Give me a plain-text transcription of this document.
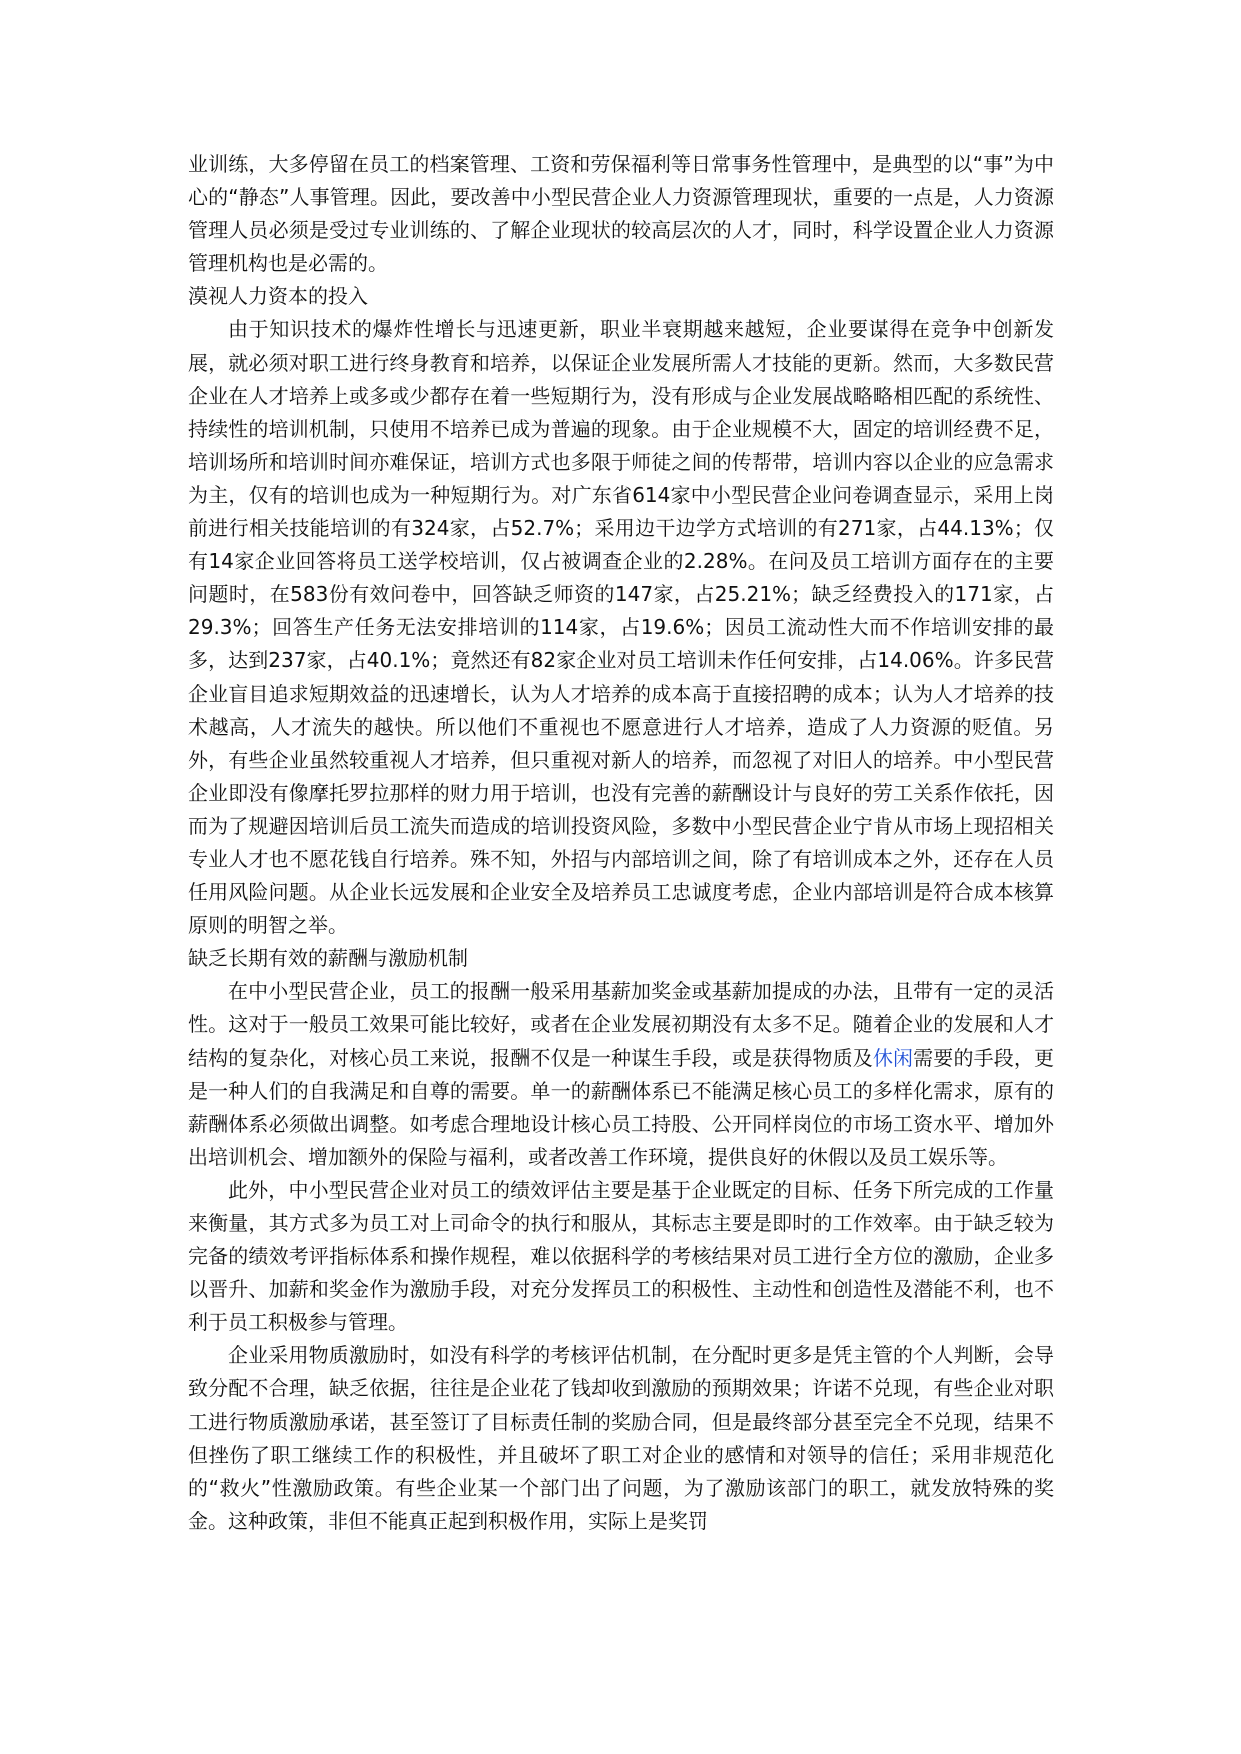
业训练，大多停留在员工的档案管理、工资和劳保福利等日常事务性管理中，是典型的以“事”为中心的“静态”人事管理。因此，要改善中小型民营企业人力资源管理现状，重要的一点是，人力资源管理人员必须是受过专业训练的、了解企业现状的较高层次的人才，同时，科学设置企业人力资源管理机构也是必需的。

漠视人力资本的投入

由于知识技术的爆炸性增长与迅速更新，职业半衰期越来越短，企业要谋得在竞争中创新发展，就必须对职工进行终身教育和培养，以保证企业发展所需人才技能的更新。然而，大多数民营企业在人才培养上或多或少都存在着一些短期行为，没有形成与企业发展战略略相匹配的系统性、持续性的培训机制，只使用不培养已成为普遍的现象。由于企业规模不大，固定的培训经费不足，培训场所和培训时间亦难保证，培训方式也多限于师徒之间的传帮带，培训内容以企业的应急需求为主，仅有的培训也成为一种短期行为。对广东省614家中小型民营企业问卷调查显示，采用上岗前进行相关技能培训的有324家，占52.7%；采用边干边学方式培训的有271家，占44.13%；仅有14家企业回答将员工送学校培训，仅占被调查企业的2.28%。在问及员工培训方面存在的主要问题时，在583份有效问卷中，回答缺乏师资的147家，占25.21%；缺乏经费投入的171家，占29.3%；回答生产任务无法安排培训的114家，占19.6%；因员工流动性大而不作培训安排的最多，达到237家，占40.1%；竟然还有82家企业对员工培训未作任何安排，占14.06%。许多民营企业盲目追求短期效益的迅速增长，认为人才培养的成本高于直接招聘的成本；认为人才培养的技术越高，人才流失的越快。所以他们不重视也不愿意进行人才培养，造成了人力资源的贬值。另外，有些企业虽然较重视人才培养，但只重视对新人的培养，而忽视了对旧人的培养。中小型民营企业即没有像摩托罗拉那样的财力用于培训，也没有完善的薪酬设计与良好的劳工关系作依托，因而为了规避因培训后员工流失而造成的培训投资风险，多数中小型民营企业宁肯从市场上现招相关专业人才也不愿花钱自行培养。殊不知，外招与内部培训之间，除了有培训成本之外，还存在人员任用风险问题。从企业长远发展和企业安全及培养员工忠诚度考虑，企业内部培训是符合成本核算原则的明智之举。

缺乏长期有效的薪酬与激励机制

在中小型民营企业，员工的报酬一般采用基薪加奖金或基薪加提成的办法，且带有一定的灵活性。这对于一般员工效果可能比较好，或者在企业发展初期没有太多不足。随着企业的发展和人才结构的复杂化，对核心员工来说，报酬不仅是一种谋生手段，或是获得物质及休闲需要的手段，更是一种人们的自我满足和自尊的需要。单一的薪酬体系已不能满足核心员工的多样化需求，原有的薪酬体系必须做出调整。如考虑合理地设计核心员工持股、公开同样岗位的市场工资水平、增加外出培训机会、增加额外的保险与福利，或者改善工作环境，提供良好的休假以及员工娱乐等。

此外，中小型民营企业对员工的绩效评估主要是基于企业既定的目标、任务下所完成的工作量来衡量，其方式多为员工对上司命令的执行和服从，其标志主要是即时的工作效率。由于缺乏较为完备的绩效考评指标体系和操作规程，难以依据科学的考核结果对员工进行全方位的激励，企业多以晋升、加薪和奖金作为激励手段，对充分发挥员工的积极性、主动性和创造性及潜能不利，也不利于员工积极参与管理。

企业采用物质激励时，如没有科学的考核评估机制，在分配时更多是凭主管的个人判断，会导致分配不合理，缺乏依据，往往是企业花了钱却收到激励的预期效果；许诺不兑现，有些企业对职工进行物质激励承诺，甚至签订了目标责任制的奖励合同，但是最终部分甚至完全不兑现，结果不但挫伤了职工继续工作的积极性，并且破坏了职工对企业的感情和对领导的信任；采用非规范化的“救火”性激励政策。有些企业某一个部门出了问题，为了激励该部门的职工，就发放特殊的奖金。这种政策，非但不能真正起到积极作用，实际上是奖罚
